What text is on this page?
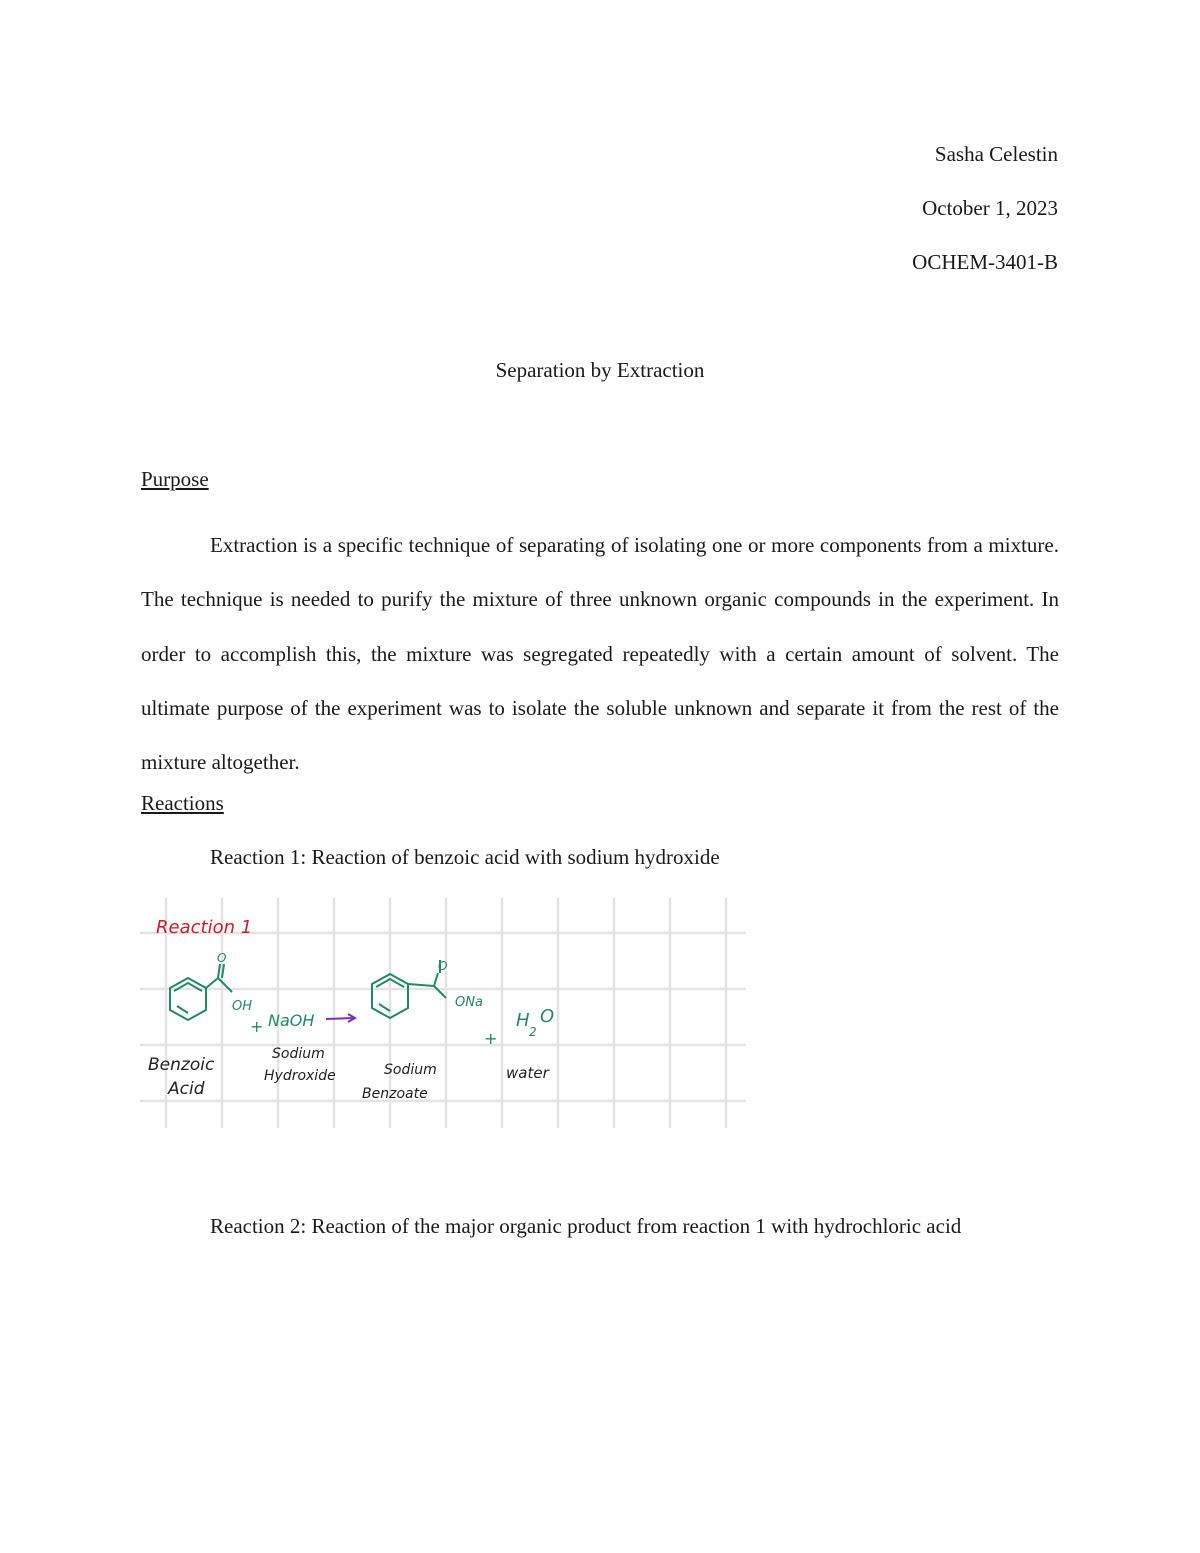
Sasha Celestin
October 1, 2023
OCHEM-3401-B
Separation by Extraction
Purpose

Extraction is a specific technique of separating of isolating one or more components from a mixture. The technique is needed to purify the mixture of three unknown organic compounds in the experiment. In order to accomplish this, the mixture was segregated repeatedly with a certain amount of solvent. The ultimate purpose of the experiment was to isolate the soluble unknown and separate it from the rest of the mixture altogether.

Reactions
Reaction 1: Reaction of benzoic acid with sodium hydroxide
Reaction 1
O
OH
+ NaOH
O
ONa
+
H
2
O
Benzoic
Acid
Sodium
Hydroxide	Sodium
Benzoate
water
Reaction 2: Reaction of the major organic product from reaction 1 with hydrochloric acid
